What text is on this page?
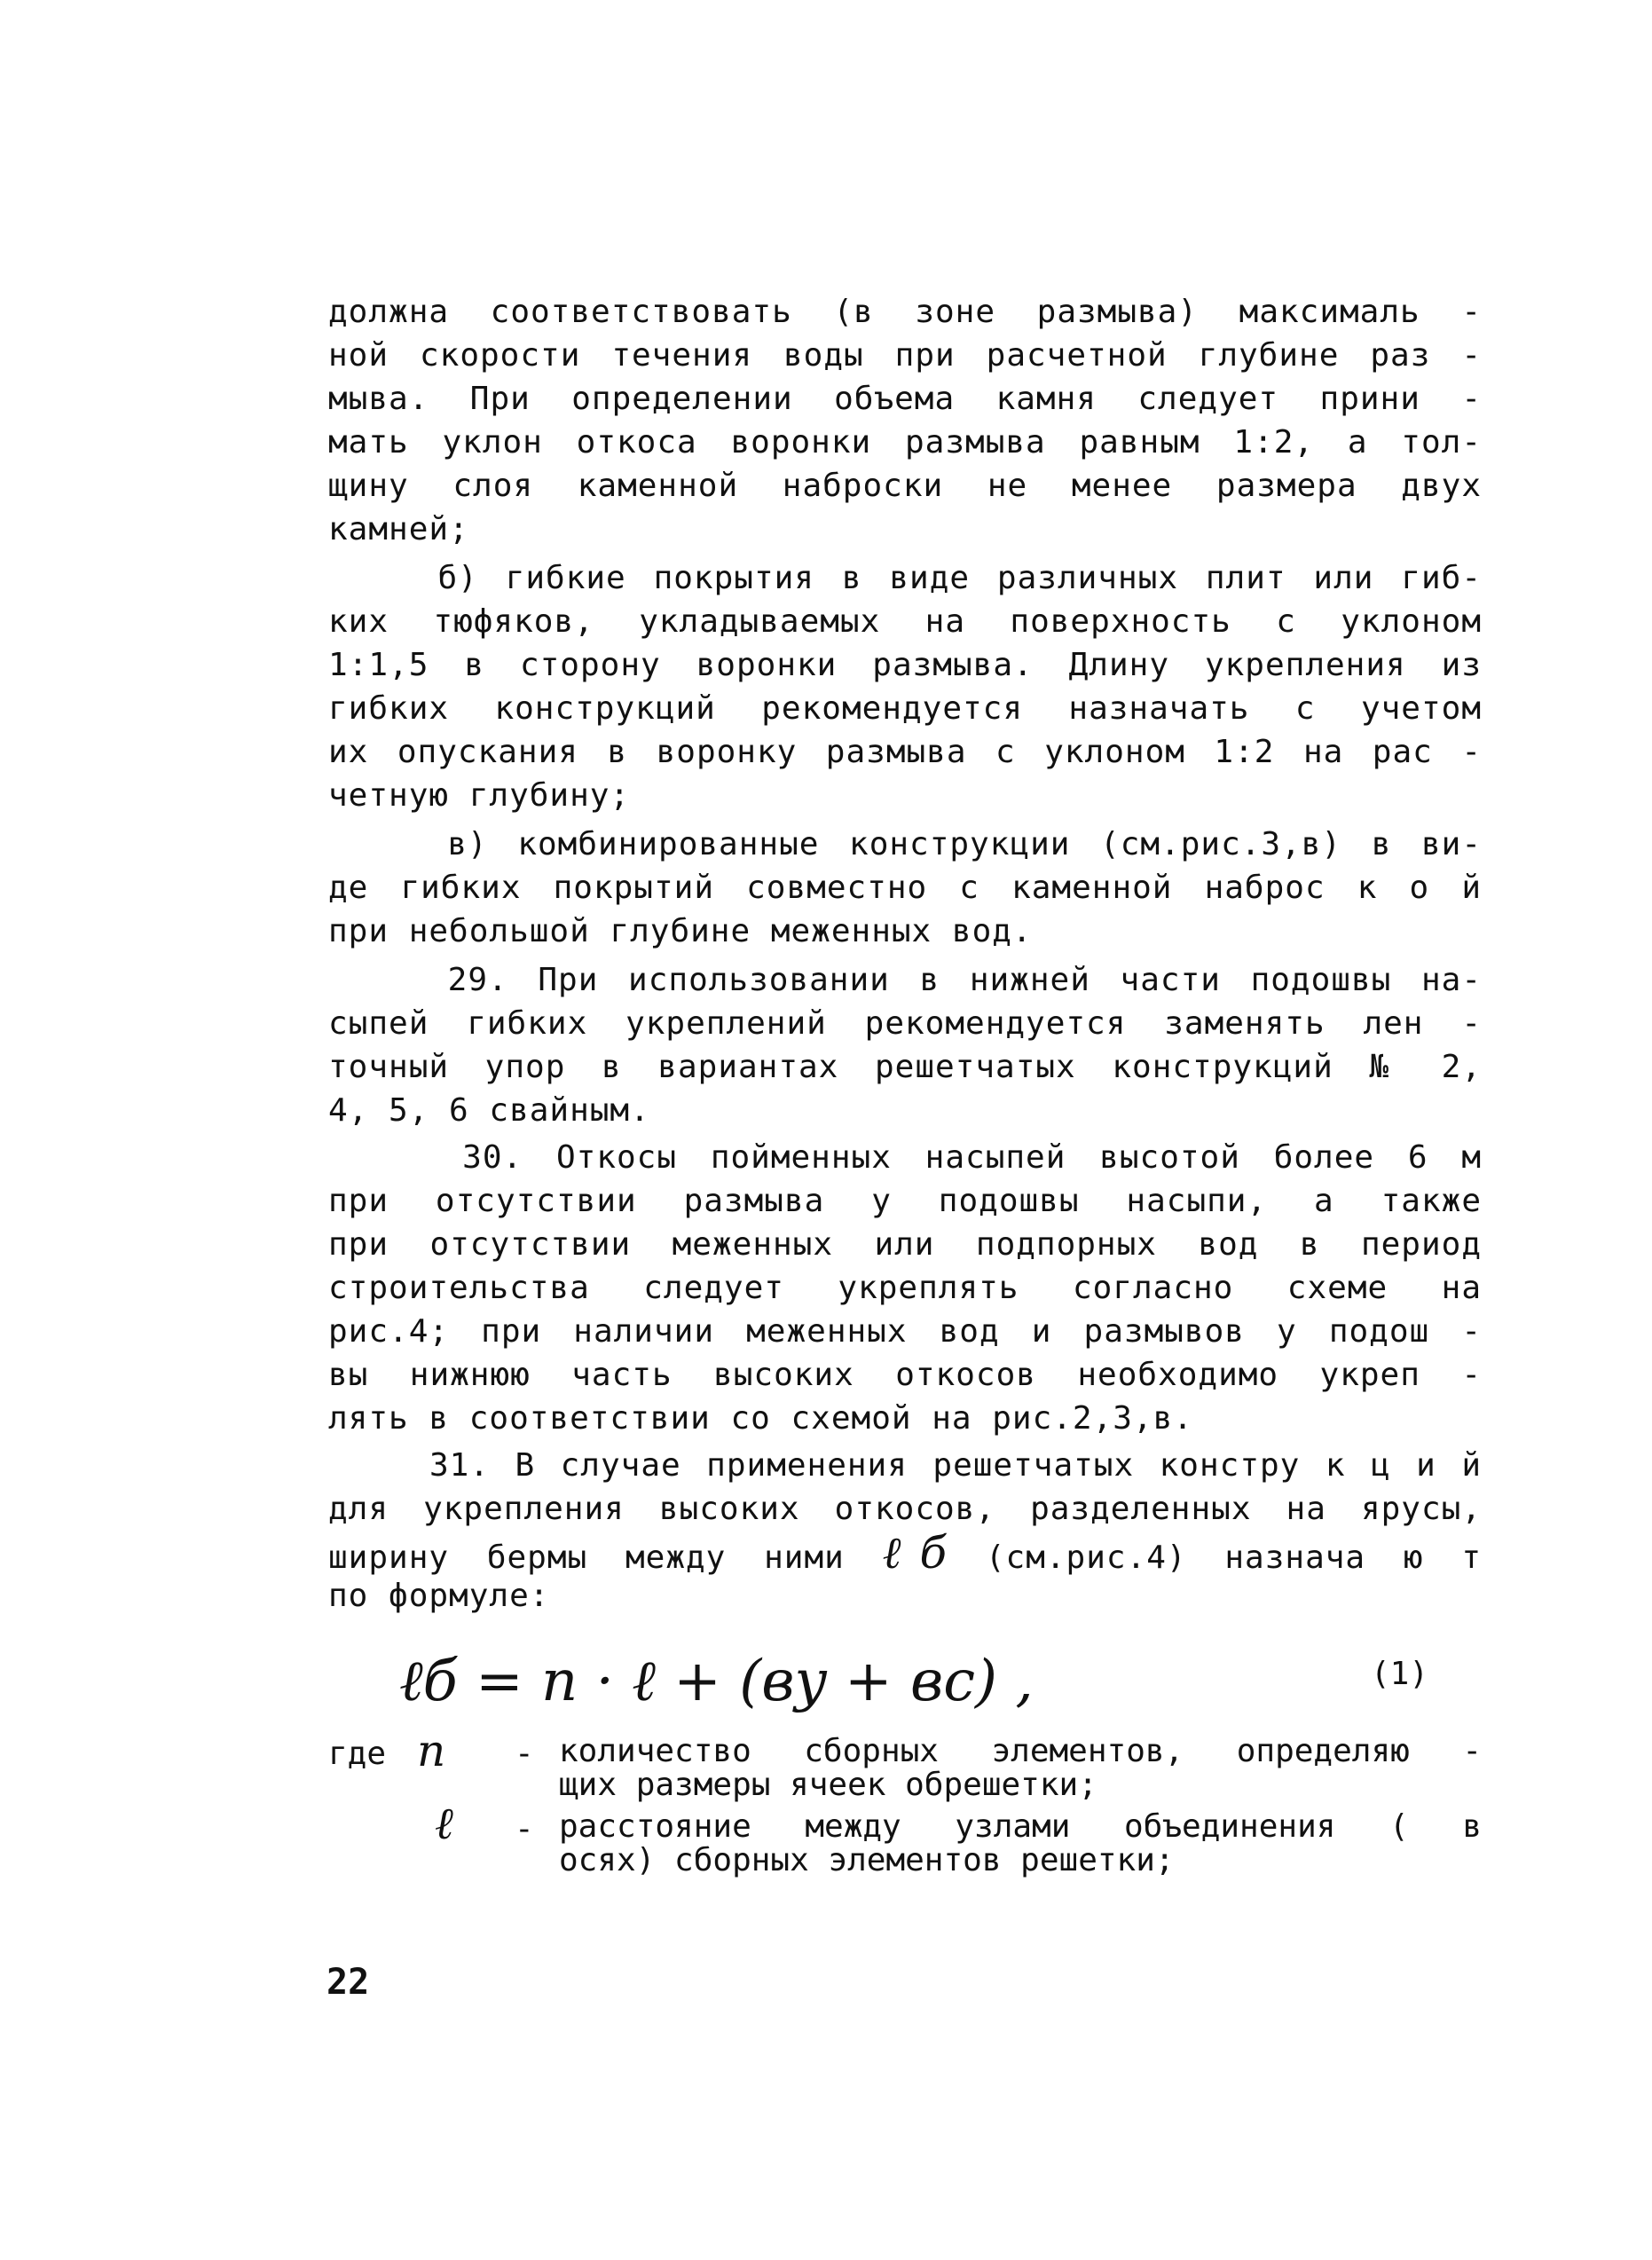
должна соответствовать (в зоне размыва) максималь -
ной скорости течения воды при расчетной глубине раз -
мыва. При определении объема камня следует прини -
мать уклон откоса воронки размыва равным 1:2, а тол-
щину слоя каменной наброски не менее размера двух
камней;
б) гибкие покрытия в виде различных плит или гиб-
ких тюфяков, укладываемых на поверхность с уклоном
1:1,5 в сторону воронки размыва. Длину укрепления из
гибких конструкций рекомендуется назначать с учетом
их опускания в воронку размыва с уклоном 1:2 на рас -
четную глубину;
в) комбинированные конструкции (см.рис.3,в) в ви-
де гибких покрытий совместно с каменной наброс к о й
при небольшой глубине меженных вод.
29. При использовании в нижней части подошвы на-
сыпей гибких укреплений рекомендуется заменять лен -
точный упор в вариантах решетчатых конструкций № 2,
4, 5, 6 свайным.
30. Откосы пойменных насыпей высотой более 6 м
при отсутствии размыва у подошвы насыпи, а также
при отсутствии меженных или подпорных вод в период
строительства следует укреплять согласно схеме на
рис.4; при наличии меженных вод и размывов у подош -
вы нижнюю часть высоких откосов необходимо укреп -
лять в соответствии со схемой на рис.2,3,в.
31. В случае применения решетчатых констру к ц и й
для укрепления высоких откосов, разделенных на ярусы,
ширину бермы между ними ℓб (см.рис.4) назнача ю т
по формуле:
ℓб = n · ℓ + (вy + вc) ,	(1)
где n - количество сборных элементов, определяю -
щих размеры ячеек обрешетки;
ℓ - расстояние между узлами объединения ( в
осях) сборных элементов решетки;
22
